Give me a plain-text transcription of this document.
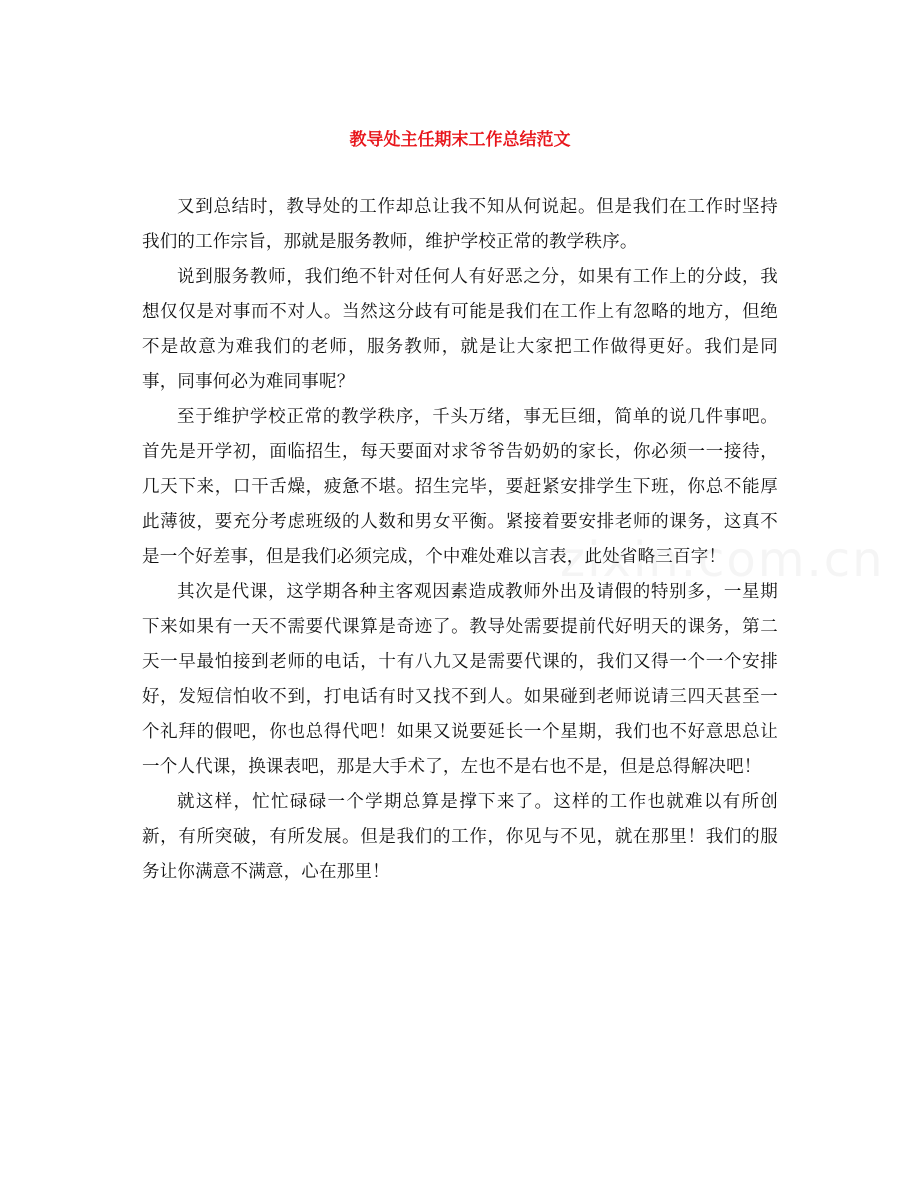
教导处主任期末工作总结范文

又到总结时，教导处的工作却总让我不知从何说起。但是我们在工作时坚持我们的工作宗旨，那就是服务教师，维护学校正常的教学秩序。

说到服务教师，我们绝不针对任何人有好恶之分，如果有工作上的分歧，我想仅仅是对事而不对人。当然这分歧有可能是我们在工作上有忽略的地方，但绝不是故意为难我们的老师，服务教师，就是让大家把工作做得更好。我们是同事，同事何必为难同事呢？

至于维护学校正常的教学秩序，千头万绪，事无巨细，简单的说几件事吧。首先是开学初，面临招生，每天要面对求爷爷告奶奶的家长，你必须一一接待，几天下来，口干舌燥，疲惫不堪。招生完毕，要赶紧安排学生下班，你总不能厚此薄彼，要充分考虑班级的人数和男女平衡。紧接着要安排老师的课务，这真不是一个好差事，但是我们必须完成，个中难处难以言表，此处省略三百字！

其次是代课，这学期各种主客观因素造成教师外出及请假的特别多，一星期下来如果有一天不需要代课算是奇迹了。教导处需要提前代好明天的课务，第二天一早最怕接到老师的电话，十有八九又是需要代课的，我们又得一个一个安排好，发短信怕收不到，打电话有时又找不到人。如果碰到老师说请三四天甚至一个礼拜的假吧，你也总得代吧！如果又说要延长一个星期，我们也不好意思总让一个人代课，换课表吧，那是大手术了，左也不是右也不是，但是总得解决吧！

就这样，忙忙碌碌一个学期总算是撑下来了。这样的工作也就难以有所创新，有所突破，有所发展。但是我们的工作，你见与不见，就在那里！我们的服务让你满意不满意，心在那里！

zixin.com.cn
